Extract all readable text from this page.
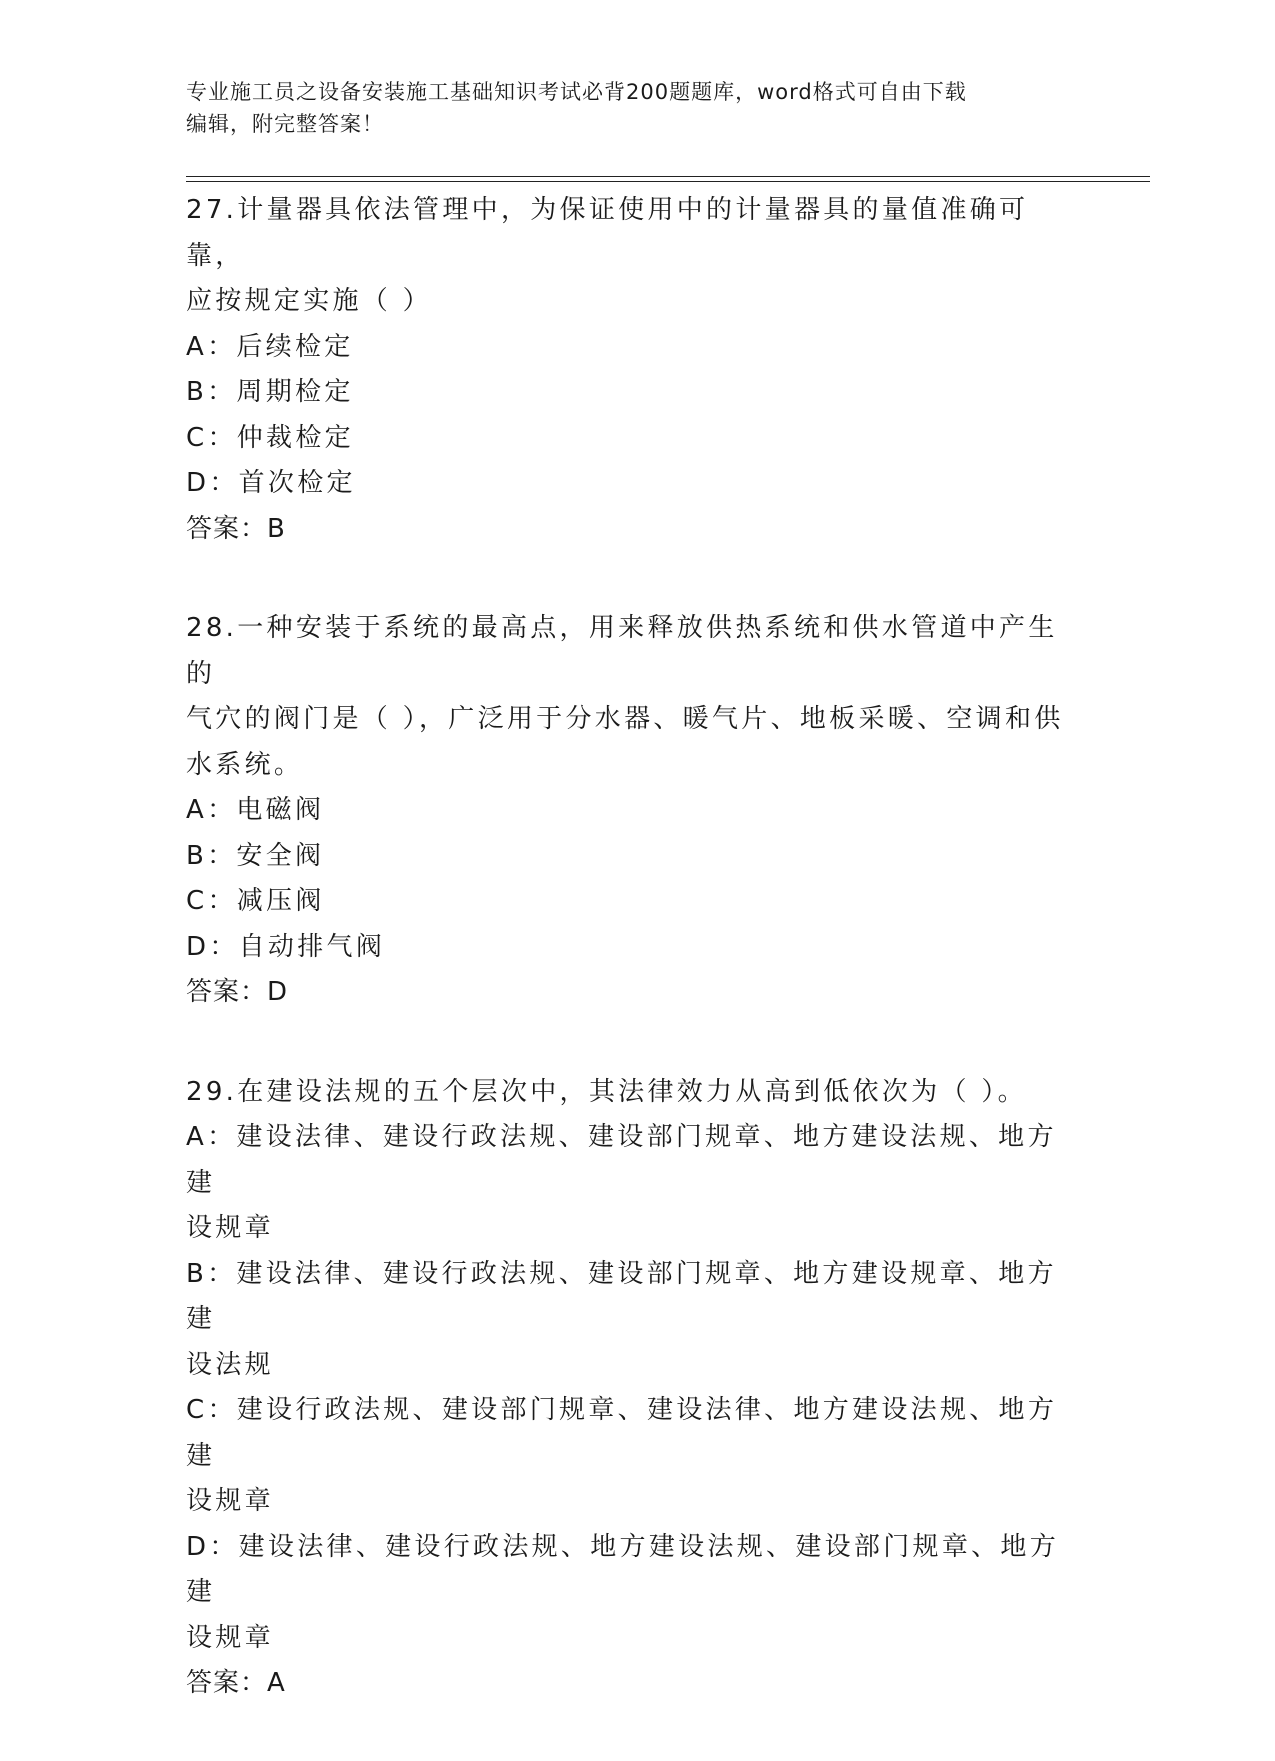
专业施工员之设备安装施工基础知识考试必背200题题库，word格式可自由下载
编辑，附完整答案！
27.计量器具依法管理中，为保证使用中的计量器具的量值准确可靠，
应按规定实施（ ）
A：后续检定
B：周期检定
C：仲裁检定
D：首次检定
答案：B
28.一种安装于系统的最高点，用来释放供热系统和供水管道中产生的
气穴的阀门是（ ），广泛用于分水器、暖气片、地板采暖、空调和供
水系统。
A：电磁阀
B：安全阀
C：减压阀
D：自动排气阀
答案：D
29.在建设法规的五个层次中，其法律效力从高到低依次为（ ）。
A：建设法律、建设行政法规、建设部门规章、地方建设法规、地方建
设规章
B：建设法律、建设行政法规、建设部门规章、地方建设规章、地方建
设法规
C：建设行政法规、建设部门规章、建设法律、地方建设法规、地方建
设规章
D：建设法律、建设行政法规、地方建设法规、建设部门规章、地方建
设规章
答案：A
